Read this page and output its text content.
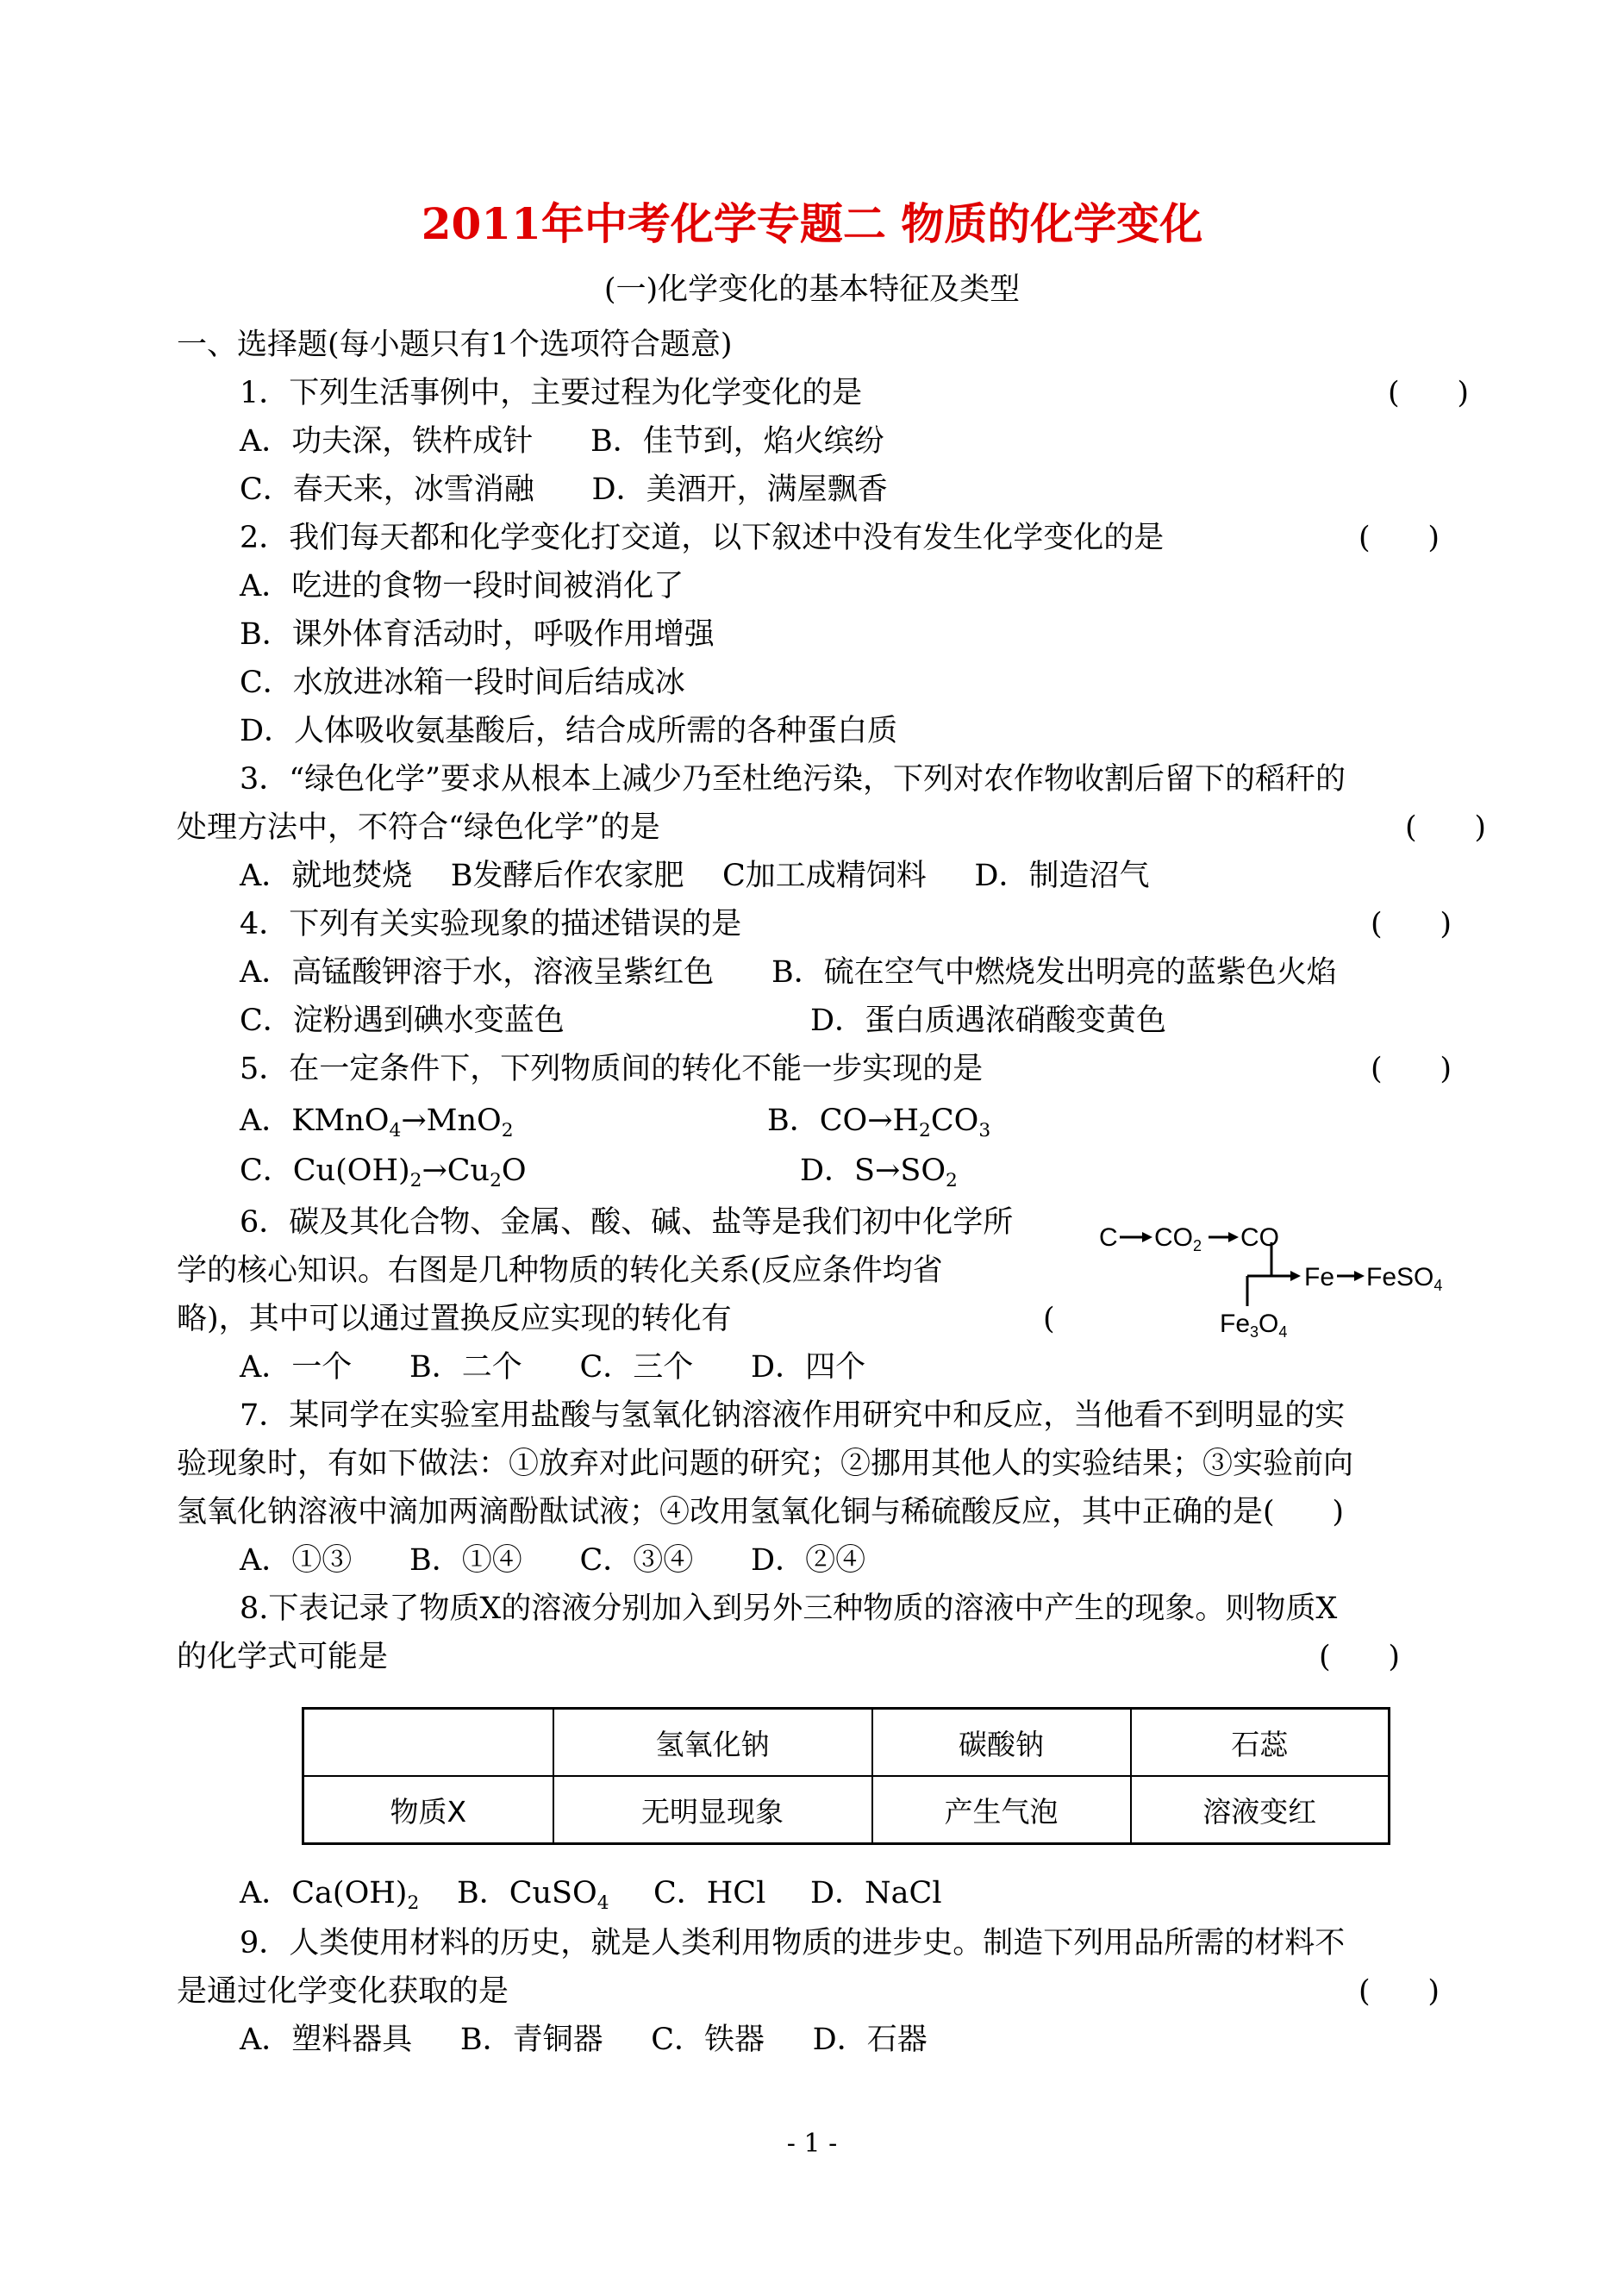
2011年中考化学专题二 物质的化学变化
(一)化学变化的基本特征及类型
一、选择题(每小题只有1个选项符合题意)
1．下列生活事例中，主要过程为化学变化的是	(      )
A．功夫深，铁杵成针      B．佳节到，焰火缤纷
C．春天来，冰雪消融      D．美酒开，满屋飘香
2．我们每天都和化学变化打交道，以下叙述中没有发生化学变化的是	(      )
A．吃进的食物一段时间被消化了
B．课外体育活动时，呼吸作用增强
C．水放进冰箱一段时间后结成冰
D．人体吸收氨基酸后，结合成所需的各种蛋白质
3．“绿色化学”要求从根本上减少乃至杜绝污染，下列对农作物收割后留下的稻秆的
处理方法中，不符合“绿色化学”的是	(      )
A．就地焚烧    B发酵后作农家肥    C加工成精饲料     D．制造沼气
4．下列有关实验现象的描述错误的是	(      )
A．高锰酸钾溶于水，溶液呈紫红色      B．硫在空气中燃烧发出明亮的蓝紫色火焰
C．淀粉遇到碘水变蓝色	D．蛋白质遇浓硝酸变黄色
5．在一定条件下，下列物质间的转化不能一步实现的是	(      )
A．KMnO4→MnO2	B．CO→H2CO3
C．Cu(OH)2→Cu2O	D．S→SO2
6．碳及其化合物、金属、酸、碱、盐等是我们初中化学所
学的核心知识。右图是几种物质的转化关系(反应条件均省
略)，其中可以通过置换反应实现的转化有	(
A．一个      B．二个      C．三个      D．四个
C $CO_2$ CO
Fe FeSO$_4$
$Fe_3O_4$
7．某同学在实验室用盐酸与氢氧化钠溶液作用研究中和反应，当他看不到明显的实
验现象时，有如下做法：①放弃对此问题的研究；②挪用其他人的实验结果；③实验前向
氢氧化钠溶液中滴加两滴酚酞试液；④改用氢氧化铜与稀硫酸反应，其中正确的是(      )
A．①③      B．①④      C．③④      D．②④
8.下表记录了物质X的溶液分别加入到另外三种物质的溶液中产生的现象。则物质X
的化学式可能是	(      )
	氢氧化钠	碳酸钠	石蕊
物质X	无明显现象	产生气泡	溶液变红
A．Ca(OH)2 B．CuSO4 C．HCl D．NaCl
9．人类使用材料的历史，就是人类利用物质的进步史。制造下列用品所需的材料不
是通过化学变化获取的是	(      )
A．塑料器具     B．青铜器     C．铁器     D．石器
- 1 -
